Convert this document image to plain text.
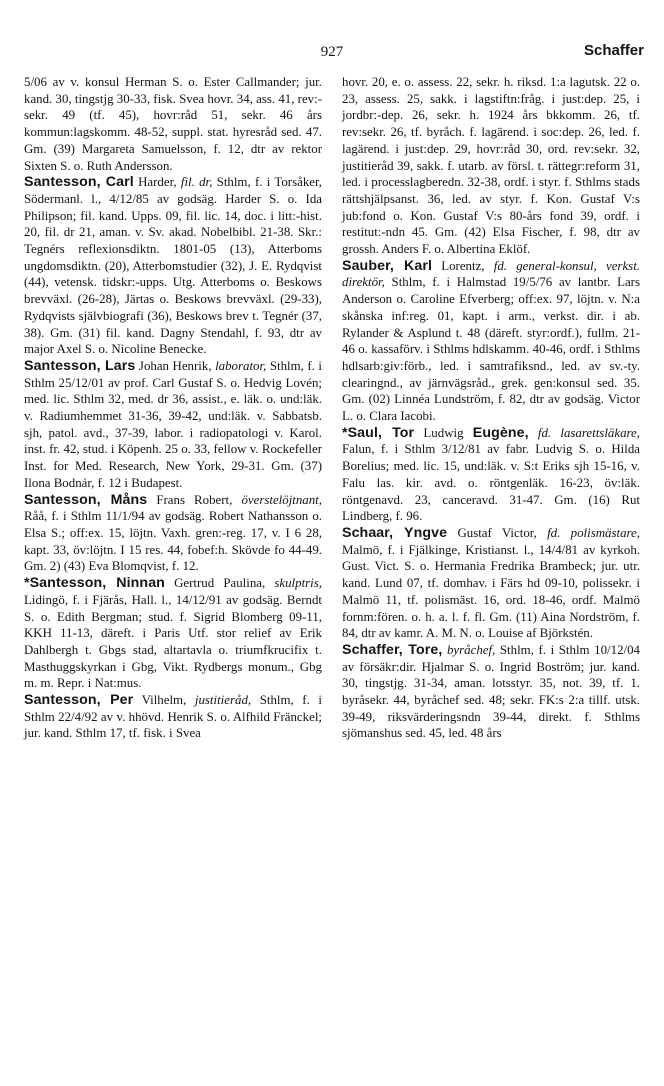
927	Schaffer

5/06 av v. konsul Herman S. o. Ester Callmander; jur. kand. 30, tingstjg 30-33, fisk. Svea hovr. 34, ass. 41, rev:-sekr. 49 (tf. 45), hovr:råd 51, sekr. 46 års kommun:lagskomm. 48-52, suppl. stat. hyresråd sed. 47. Gm. (39) Margareta Samuelsson, f. 12, dtr av rektor Sixten S. o. Ruth Andersson.

Santesson, Carl Harder, fil. dr, Sthlm, f. i Torsåker, Södermanl. l., 4/12/85 av godsäg. Harder S. o. Ida Philipson; fil. kand. Upps. 09, fil. lic. 14, doc. i litt:-hist. 20, fil. dr 21, aman. v. Sv. akad. Nobelbibl. 21-38. Skr.: Tegnérs reflexionsdiktn. 1801-05 (13), Atterboms ungdomsdiktn. (20), Atterbomstudier (32), J. E. Rydqvist (44), vetensk. tidskr:-upps. Utg. Atterboms o. Beskows brevväxl. (26-28), Järtas o. Beskows brevväxl. (29-33), Rydqvists självbiografi (36), Beskows brev t. Tegnér (37, 38). Gm. (31) fil. kand. Dagny Stendahl, f. 93, dtr av major Axel S. o. Nicoline Benecke.

Santesson, Lars Johan Henrik, laborator, Sthlm, f. i Sthlm 25/12/01 av prof. Carl Gustaf S. o. Hedvig Lovén; med. lic. Sthlm 32, med. dr 36, assist., e. läk. o. und:läk. v. Radiumhemmet 31-36, 39-42, und:läk. v. Sabbatsb. sjh, patol. avd., 37-39, labor. i radiopatologi v. Karol. inst. fr. 42, stud. i Köpenh. 25 o. 33, fellow v. Rockefeller Inst. for Med. Research, New York, 29-31. Gm. (37) Ilona Bodnár, f. 12 i Budapest.

Santesson, Måns Frans Robert, överstelöjtnant, Råå, f. i Sthlm 11/1/94 av godsäg. Robert Nathansson o. Elsa S.; off:ex. 15, löjtn. Vaxh. gren:-reg. 17, v. I 6 28, kapt. 33, öv:löjtn. I 15 res. 44, fobef:h. Skövde fo 44-49. Gm. 2) (43) Eva Blomqvist, f. 12.

*Santesson, Ninnan Gertrud Paulina, skulptris, Lidingö, f. i Fjärås, Hall. l., 14/12/91 av godsäg. Berndt S. o. Edith Bergman; stud. f. Sigrid Blomberg 09-11, KKH 11-13, däreft. i Paris Utf. stor relief av Erik Dahlbergh t. Gbgs stad, altartavla o. triumfkrucifix t. Masthuggskyrkan i Gbg, Vikt. Rydbergs monum., Gbg m. m. Repr. i Nat:mus.

Santesson, Per Vilhelm, justitieråd, Sthlm, f. i Sthlm 22/4/92 av v. hhövd. Henrik S. o. Alfhild Fränckel; jur. kand. Sthlm 17, tf. fisk. i Svea

hovr. 20, e. o. assess. 22, sekr. h. riksd. 1:a lagutsk. 22 o. 23, assess. 25, sakk. i lagstiftn:fråg. i just:dep. 25, i jordbr:-dep. 26, sekr. h. 1924 års bkkomm. 26, tf. rev:sekr. 26, tf. byråch. f. lagärend. i soc:dep. 26, led. f. lagärend. i just:dep. 29, hovr:råd 30, ord. rev:sekr. 32, justitieråd 39, sakk. f. utarb. av försl. t. rättegr:reform 31, led. i processlagberedn. 32-38, ordf. i styr. f. Sthlms stads rättshjälpsanst. 36, led. av styr. f. Kon. Gustaf V:s jub:fond o. Kon. Gustaf V:s 80-års fond 39, ordf. i restitut:-ndn 45. Gm. (42) Elsa Fischer, f. 98, dtr av grossh. Anders F. o. Albertina Eklöf.

Sauber, Karl Lorentz, fd. general-konsul, verkst. direktör, Sthlm, f. i Halmstad 19/5/76 av lantbr. Lars Anderson o. Caroline Efverberg; off:ex. 97, löjtn. v. N:a skånska inf:reg. 01, kapt. i arm., verkst. dir. i ab. Rylander & Asplund t. 48 (däreft. styr:ordf.), fullm. 21-46 o. kassaförv. i Sthlms hdlskamm. 40-46, ordf. i Sthlms hdlsarb:giv:förb., led. i samtrafiksnd., led. av sv.-ty. clearingnd., av järnvägsråd., grek. gen:konsul sed. 35. Gm. (02) Linnéa Lundström, f. 82, dtr av godsäg. Victor L. o. Clara Iacobi.

*Saul, Tor Ludwig Eugène, fd. lasarettsläkare, Falun, f. i Sthlm 3/12/81 av fabr. Ludvig S. o. Hilda Borelius; med. lic. 15, und:läk. v. S:t Eriks sjh 15-16, v. Falu las. kir. avd. o. röntgenläk. 16-23, öv:läk. röntgenavd. 23, canceravd. 31-47. Gm. (16) Rut Lindberg, f. 96.

Schaar, Yngve Gustaf Victor, fd. polismästare, Malmö, f. i Fjälkinge, Kristianst. l., 14/4/81 av kyrkoh. Gust. Vict. S. o. Hermania Fredrika Brambeck; jur. utr. kand. Lund 07, tf. domhav. i Färs hd 09-10, polissekr. i Malmö 11, tf. polismäst. 16, ord. 18-46, ordf. Malmö fornm:fören. o. h. a. l. f. fl. Gm. (11) Aina Nordström, f. 84, dtr av kamr. A. M. N. o. Louise af Björkstén.

Schaffer, Tore, byråchef, Sthlm, f. i Sthlm 10/12/04 av försäkr:dir. Hjalmar S. o. Ingrid Boström; jur. kand. 30, tingstjg. 31-34, aman. lotsstyr. 35, not. 39, tf. 1. byråsekr. 44, byråchef sed. 48; sekr. FK:s 2:a tillf. utsk. 39-49, riksvärderingsndn 39-44, direkt. f. Sthlms sjömanshus sed. 45, led. 48 års
